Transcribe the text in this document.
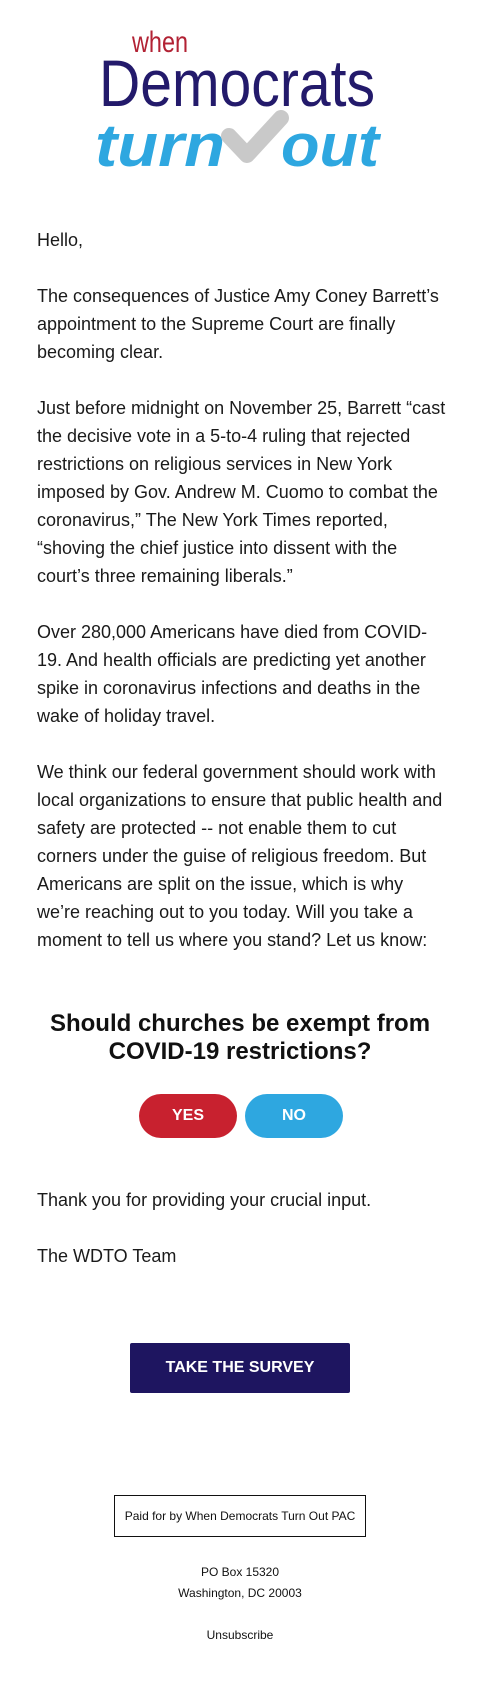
when
Democrats
turn out

Hello,

The consequences of Justice Amy Coney Barrett’s appointment to the Supreme Court are finally becoming clear.

Just before midnight on November 25, Barrett “cast the decisive vote in a 5-to-4 ruling that rejected restrictions on religious services in New York imposed by Gov. Andrew M. Cuomo to combat the coronavirus,” The New York Times reported, “shoving the chief justice into dissent with the court’s three remaining liberals.”

Over 280,000 Americans have died from COVID-19. And health officials are predicting yet another spike in coronavirus infections and deaths in the wake of holiday travel.

We think our federal government should work with local organizations to ensure that public health and safety are protected -- not enable them to cut corners under the guise of religious freedom. But Americans are split on the issue, which is why we’re reaching out to you today. Will you take a moment to tell us where you stand? Let us know:

Should churches be exempt from COVID-19 restrictions?
YES	NO
Thank you for providing your crucial input.
The WDTO Team
TAKE THE SURVEY
Paid for by When Democrats Turn Out PAC
PO Box 15320
Washington, DC 20003
Unsubscribe
